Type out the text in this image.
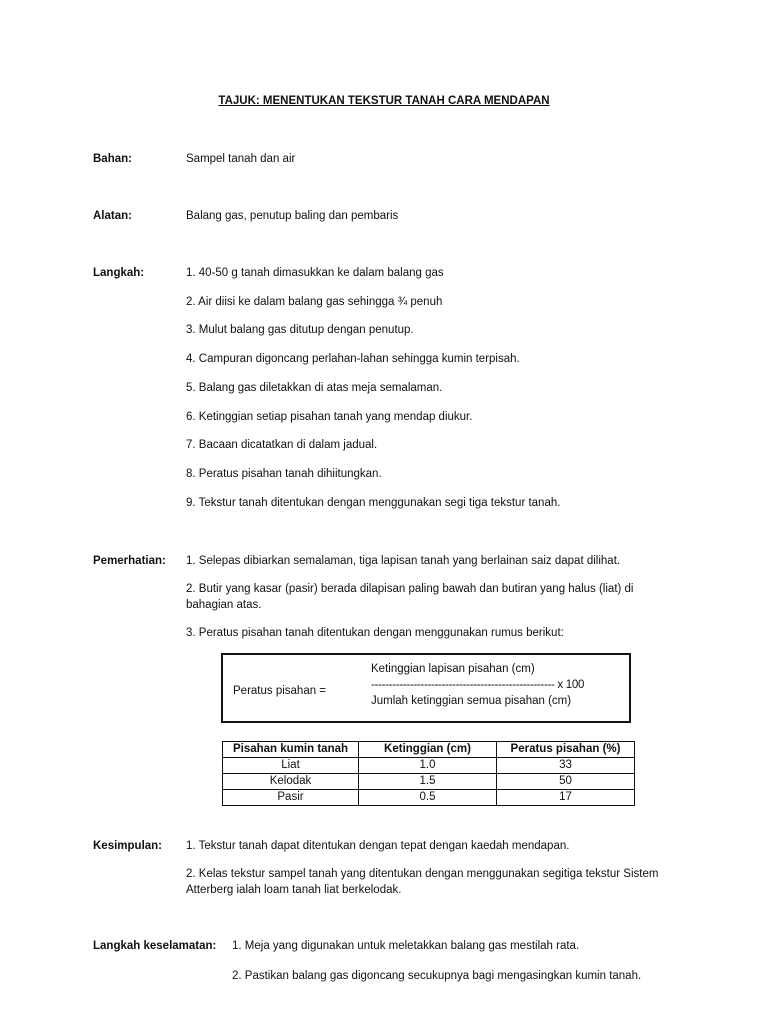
TAJUK: MENENTUKAN TEKSTUR TANAH CARA MENDAPAN
Bahan:	Sampel tanah dan air
Alatan:	Balang gas, penutup baling dan pembaris
Langkah:	1. 40-50 g tanah dimasukkan ke dalam balang gas
2. Air diisi ke dalam balang gas sehingga ¾ penuh
3. Mulut balang gas ditutup dengan penutup.
4. Campuran digoncang perlahan-lahan sehingga kumin terpisah.
5. Balang gas diletakkan di atas meja semalaman.
6. Ketinggian setiap pisahan tanah yang mendap diukur.
7. Bacaan dicatatkan di dalam jadual.
8. Peratus pisahan tanah dihiitungkan.
9. Tekstur tanah ditentukan dengan menggunakan segi tiga tekstur tanah.
Pemerhatian: 1. Selepas dibiarkan semalaman, tiga lapisan tanah yang berlainan saiz dapat dilihat.
2. Butir yang kasar (pasir) berada dilapisan paling bawah dan butiran yang halus (liat) di bahagian atas.
3. Peratus pisahan tanah ditentukan dengan menggunakan rumus berikut:
Peratus pisahan =
Ketinggian lapisan pisahan (cm)
---------------------------------------------------- x 100
Jumlah ketinggian semua pisahan (cm)
Pisahan kumin tanah	Ketinggian (cm)	Peratus pisahan (%)
Liat	1.0	33
Kelodak	1.5	50
Pasir	0.5	17
Kesimpulan: 1. Tekstur tanah dapat ditentukan dengan tepat dengan kaedah mendapan.
2. Kelas tekstur sampel tanah yang ditentukan dengan menggunakan segitiga tekstur Sistem Atterberg ialah loam tanah liat berkelodak.
Langkah keselamatan: 1. Meja yang digunakan untuk meletakkan balang gas mestilah rata.
2. Pastikan balang gas digoncang secukupnya bagi mengasingkan kumin tanah.
